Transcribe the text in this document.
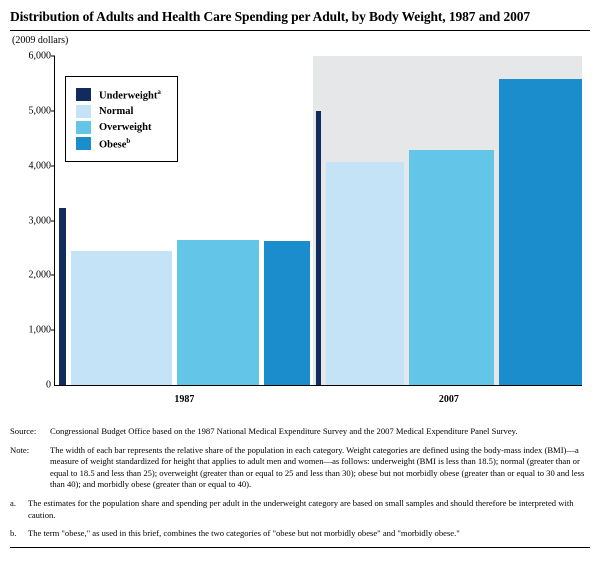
Distribution of Adults and Health Care Spending per Adult, by Body Weight, 1987 and 2007
(2009 dollars)
0
1,000
2,000
3,000
4,000
5,000
6,000
1987	2007
Underweight$^a$
Normal
Overweight
Obese$^b$
Source:	Congressional Budget Office based on the 1987 National Medical Expenditure Survey and the 2007 Medical Expenditure Panel Survey.
Note:	The width of each bar represents the relative share of the population in each category. Weight categories are defined using the body-mass index (BMI)—a measure of weight standardized for height that applies to adult men and women—as follows: underweight (BMI is less than 18.5); normal (greater than or equal to 18.5 and less than 25); overweight (greater than or equal to 25 and less than 30); obese but not morbidly obese (greater than or equal to 30 and less than 40); and morbidly obese (greater than or equal to 40).
a.	The estimates for the population share and spending per adult in the underweight category are based on small samples and should therefore be interpreted with caution.
b.	The term "obese," as used in this brief, combines the two categories of "obese but not morbidly obese" and "morbidly obese."
